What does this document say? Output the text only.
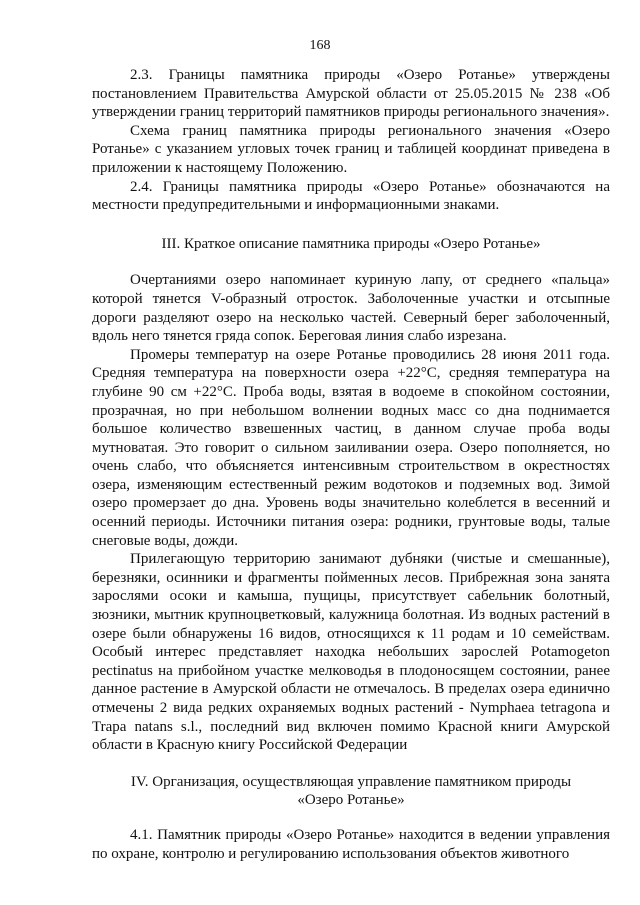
168

2.3. Границы памятника природы «Озеро Ротанье» утверждены постановлением Правительства Амурской области от 25.05.2015 № 238 «Об утверждении границ территорий памятников природы регионального значения».

Схема границ памятника природы регионального значения «Озеро Ротанье» с указанием угловых точек границ и таблицей координат приведена в приложении к настоящему Положению.

2.4. Границы памятника природы «Озеро Ротанье» обозначаются на местности предупредительными и информационными знаками.

III. Краткое описание памятника природы «Озеро Ротанье»

Очертаниями озеро напоминает куриную лапу, от среднего «пальца» которой тянется V-образный отросток. Заболоченные участки и отсыпные дороги разделяют озеро на несколько частей. Северный берег заболоченный, вдоль него тянется гряда сопок. Береговая линия слабо изрезана.

Промеры температур на озере Ротанье проводились 28 июня 2011 года. Средняя температура на поверхности озера +22°С, средняя температура на глубине 90 см +22°С. Проба воды, взятая в водоеме в спокойном состоянии, прозрачная, но при небольшом волнении водных масс со дна поднимается большое количество взвешенных частиц, в данном случае проба воды мутноватая. Это говорит о сильном заиливании озера. Озеро пополняется, но очень слабо, что объясняется интенсивным строительством в окрестностях озера, изменяющим естественный режим водотоков и подземных вод. Зимой озеро промерзает до дна. Уровень воды значительно колеблется в весенний и осенний периоды. Источники питания озера: родники, грунтовые воды, талые снеговые воды, дожди.

Прилегающую территорию занимают дубняки (чистые и смешанные), березняки, осинники и фрагменты пойменных лесов. Прибрежная зона занята зарослями осоки и камыша, пущицы, присутствует сабельник болотный, зюзники, мытник крупноцветковый, калужница болотная. Из водных растений в озере были обнаружены 16 видов, относящихся к 11 родам и 10 семействам. Особый интерес представляет находка небольших зарослей Potamogeton pectinatus на прибойном участке мелководья в плодоносящем состоянии, ранее данное растение в Амурской области не отмечалось. В пределах озера единично отмечены 2 вида редких охраняемых водных растений - Nymphaea tetragona и Trapa natans s.l., последний вид включен помимо Красной книги Амурской области в Красную книгу Российской Федерации

IV. Организация, осуществляющая управление памятником природы
«Озеро Ротанье»

4.1. Памятник природы «Озеро Ротанье» находится в ведении управления по охране, контролю и регулированию использования объектов животного
